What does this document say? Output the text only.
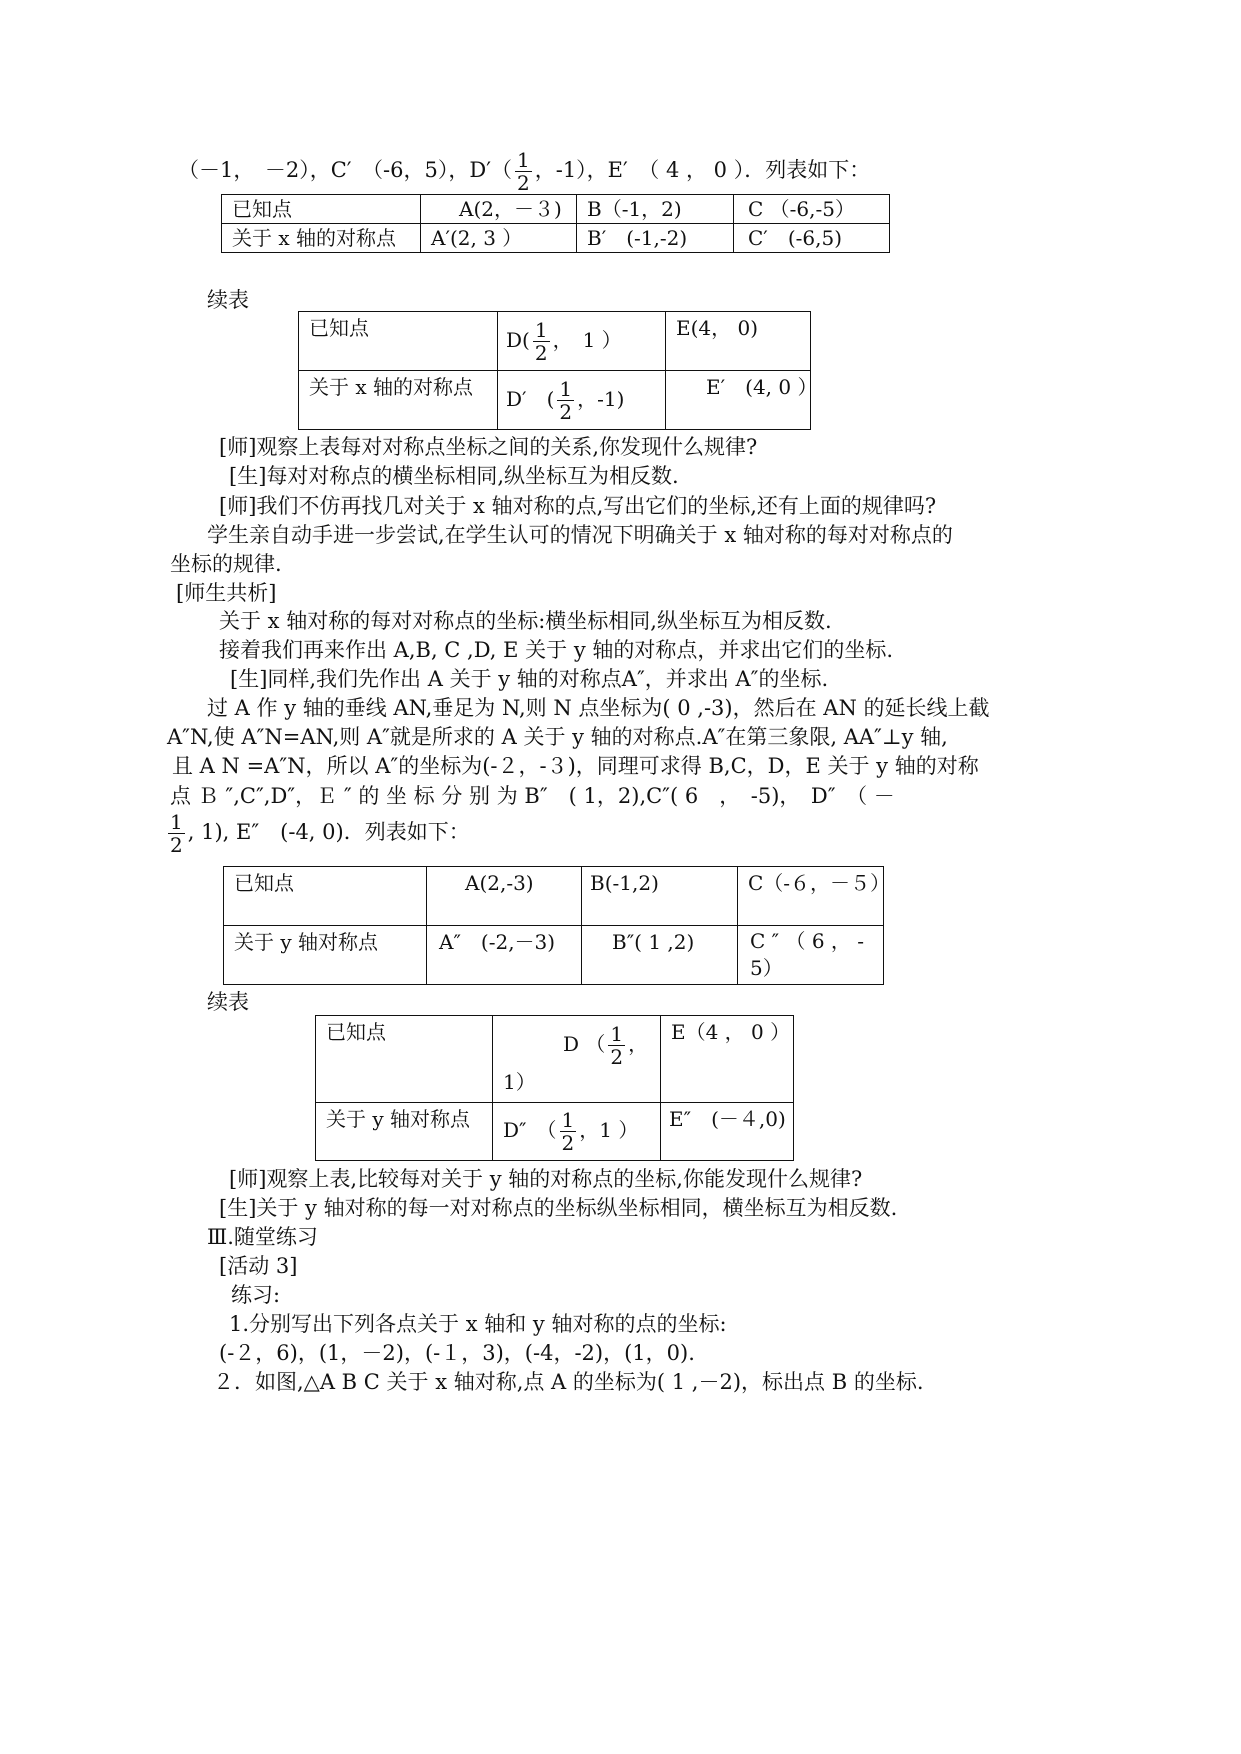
（－1，　－2），C′　（-6，5），$D'( \frac{1}{2}$ ，-1），E′　（ 4 ， 0 ）．列表如下：
已知点	A(2，－３)	B（-1，2)	C （-6,-5）
关于 x 轴的对称点	A′(2, 3 ）	B′　(-1,-2)	C′　(-6,5)
续表
已知点	$D( \frac{1}{2}$ ，　1 ）	E(4， 0)
关于 x 轴的对称点	D′　( $\frac{1}{2}$ ，-1)	E′　(4, 0 ）
[师]观察上表每对对称点坐标之间的关系,你发现什么规律?
[生]每对对称点的横坐标相同,纵坐标互为相反数.
[师]我们不仿再找几对关于 x 轴对称的点,写出它们的坐标,还有上面的规律吗?
学生亲自动手进一步尝试,在学生认可的情况下明确关于 x 轴对称的每对对称点的
坐标的规律.
[师生共析]
关于 x 轴对称的每对对称点的坐标:横坐标相同,纵坐标互为相反数.
接着我们再来作出 A,B, C ,D, E 关于 y 轴的对称点，并求出它们的坐标.
[生]同样,我们先作出 A 关于 y 轴的对称点A″，并求出 A″的坐标.
过 A 作 y 轴的垂线 AN,垂足为 N,则 N 点坐标为( 0 ,-3)，然后在 AN 的延长线上截
A″N,使 A″N=AN,则 A″就是所求的 A 关于 y 轴的对称点.A″在第三象限, AA″⊥y 轴,
且 A N =A″N，所以 A″的坐标为(-２，-３)，同理可求得 B,C，D，E 关于 y 轴的对称
点 Ｂ ″,C″,D″，Ｅ ″ 的 坐 标 分 别 为 B″　( 1，2),C″( 6　，　-5)，　D″　（ －
$\frac{1}{2}$ , 1), E″　(-4, 0)．列表如下：
已知点	A(2,-3)	B(-1,2)	C（-６，－５）
关于 y 轴对称点	A″　(-2,－3)	B″( 1 ,2)	C ″ （ 6 ， -
5）
续表
已知点	D （ $\frac{1}{2}$ ，
1）	E（4 ， 0 ）
关于 y 轴对称点	D″　（ $\frac{1}{2}$ ，1 ）	E″　(－４,0)
[师]观察上表,比较每对关于 y 轴的对称点的坐标,你能发现什么规律?
[生]关于 y 轴对称的每一对对称点的坐标纵坐标相同，横坐标互为相反数.
Ⅲ.随堂练习
[活动 3]
练习:
1.分别写出下列各点关于 x 轴和 y 轴对称的点的坐标:
(-２，6)，(1，－2)，(-１，3)，(-4，-2)，(1，0).
２．如图,△A B C 关于 x 轴对称,点 A 的坐标为( 1 ,－2)，标出点 B 的坐标.
